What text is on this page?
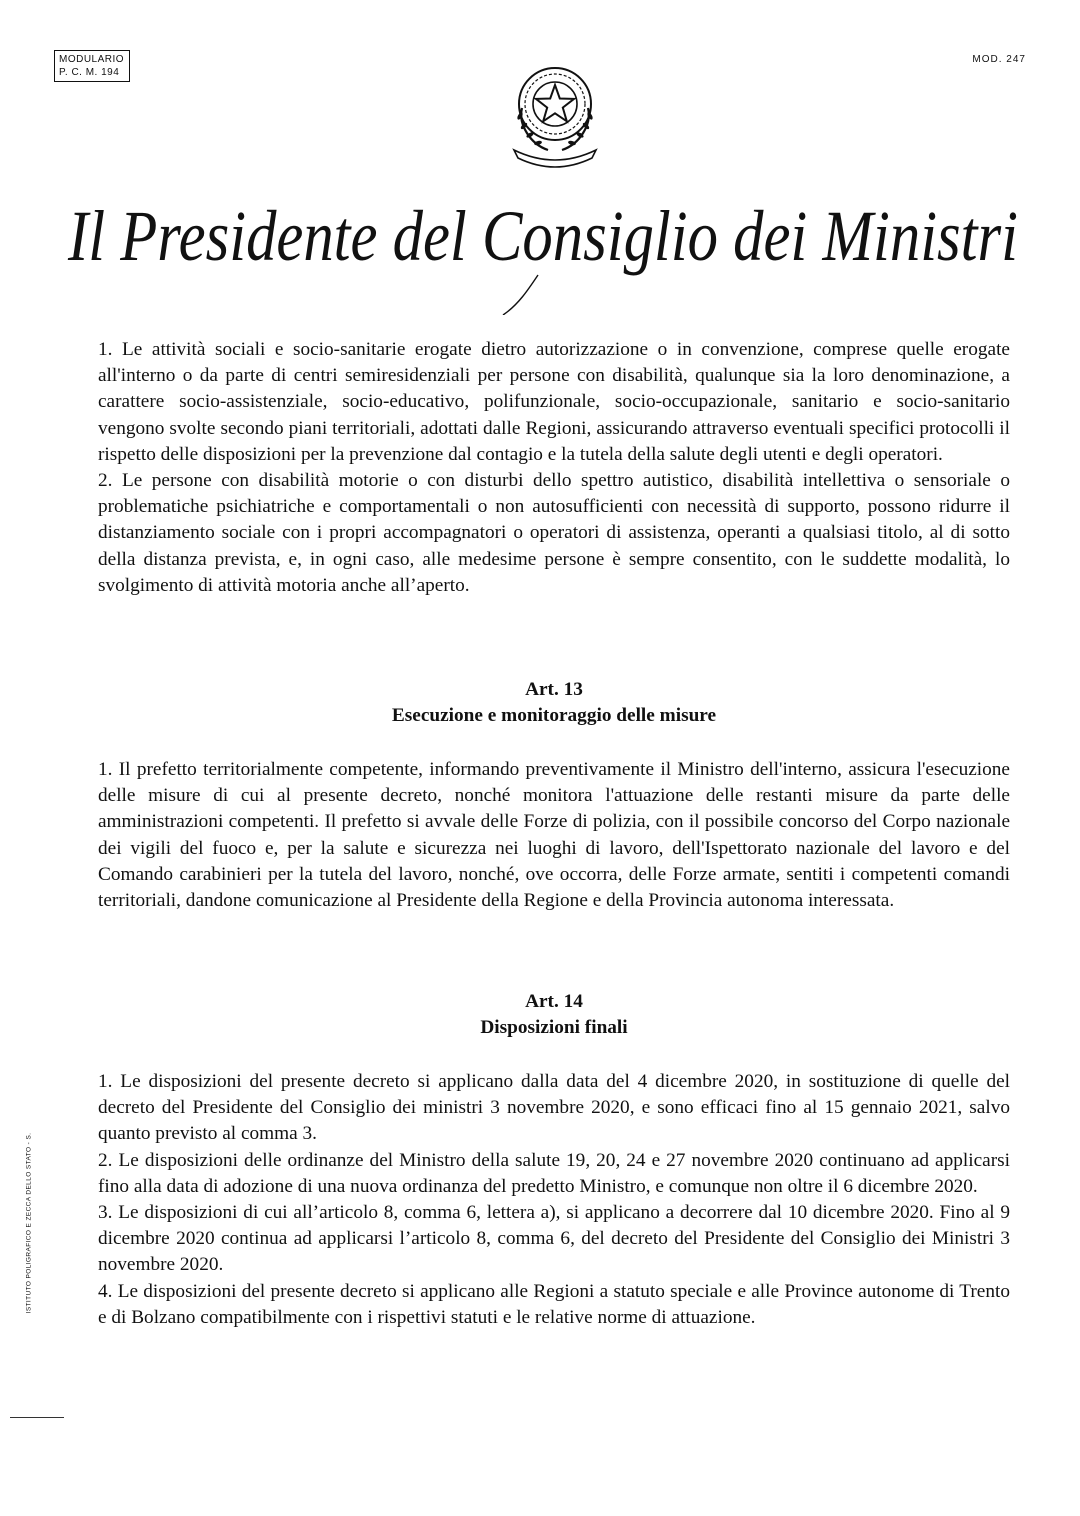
MODULARIO
P. C. M. 194
MOD. 247
Il Presidente del Consiglio dei Ministri

1. Le attività sociali e socio-sanitarie erogate dietro autorizzazione o in convenzione, comprese quelle erogate all'interno o da parte di centri semiresidenziali per persone con disabilità, qualunque sia la loro denominazione, a carattere socio-assistenziale, socio-educativo, polifunzionale, socio-occupazionale, sanitario e socio-sanitario vengono svolte secondo piani territoriali, adottati dalle Regioni, assicurando attraverso eventuali specifici protocolli il rispetto delle disposizioni per la prevenzione dal contagio e la tutela della salute degli utenti e degli operatori.

2. Le persone con disabilità motorie o con disturbi dello spettro autistico, disabilità intellettiva o sensoriale o problematiche psichiatriche e comportamentali o non autosufficienti con necessità di supporto, possono ridurre il distanziamento sociale con i propri accompagnatori o operatori di assistenza, operanti a qualsiasi titolo, al di sotto della distanza prevista, e, in ogni caso, alle medesime persone è sempre consentito, con le suddette modalità, lo svolgimento di attività motoria anche all’aperto.

Art. 13
Esecuzione e monitoraggio delle misure

1. Il prefetto territorialmente competente, informando preventivamente il Ministro dell'interno, assicura l'esecuzione delle misure di cui al presente decreto, nonché monitora l'attuazione delle restanti misure da parte delle amministrazioni competenti. Il prefetto si avvale delle Forze di polizia, con il possibile concorso del Corpo nazionale dei vigili del fuoco e, per la salute e sicurezza nei luoghi di lavoro, dell'Ispettorato nazionale del lavoro e del Comando carabinieri per la tutela del lavoro, nonché, ove occorra, delle Forze armate, sentiti i competenti comandi territoriali, dandone comunicazione al Presidente della Regione e della Provincia autonoma interessata.

Art. 14
Disposizioni finali

1. Le disposizioni del presente decreto si applicano dalla data del 4 dicembre 2020, in sostituzione di quelle del decreto del Presidente del Consiglio dei ministri 3 novembre 2020, e sono efficaci fino al 15 gennaio 2021, salvo quanto previsto al comma 3.

2. Le disposizioni delle ordinanze del Ministro della salute 19, 20, 24 e 27 novembre 2020 continuano ad applicarsi fino alla data di adozione di una nuova ordinanza del predetto Ministro, e comunque non oltre il 6 dicembre 2020.

3. Le disposizioni di cui all’articolo 8, comma 6, lettera a), si applicano a decorrere dal 10 dicembre 2020. Fino al 9 dicembre 2020 continua ad applicarsi l’articolo 8, comma 6, del decreto del Presidente del Consiglio dei Ministri 3 novembre 2020.

4. Le disposizioni del presente decreto si applicano alle Regioni a statuto speciale e alle Province autonome di Trento e di Bolzano compatibilmente con i rispettivi statuti e le relative norme di attuazione.

ISTITUTO POLIGRAFICO E ZECCA DELLO STATO - S.
